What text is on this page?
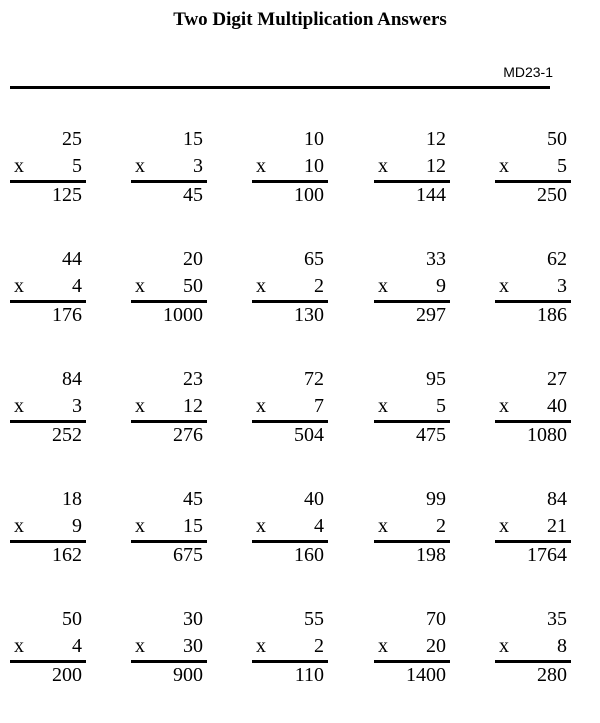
Two Digit Multiplication Answers
MD23-1
25
x 5
125
15
x 3
45
10
x 10
100
12
x 12
144
50
x 5
250
44
x 4
176
20
x 50
1000
65
x 2
130
33
x 9
297
62
x 3
186
84
x 3
252
23
x 12
276
72
x 7
504
95
x 5
475
27
x 40
1080
18
x 9
162
45
x 15
675
40
x 4
160
99
x 2
198
84
x 21
1764
50
x 4
200
30
x 30
900
55
x 2
110
70
x 20
1400
35
x 8
280
